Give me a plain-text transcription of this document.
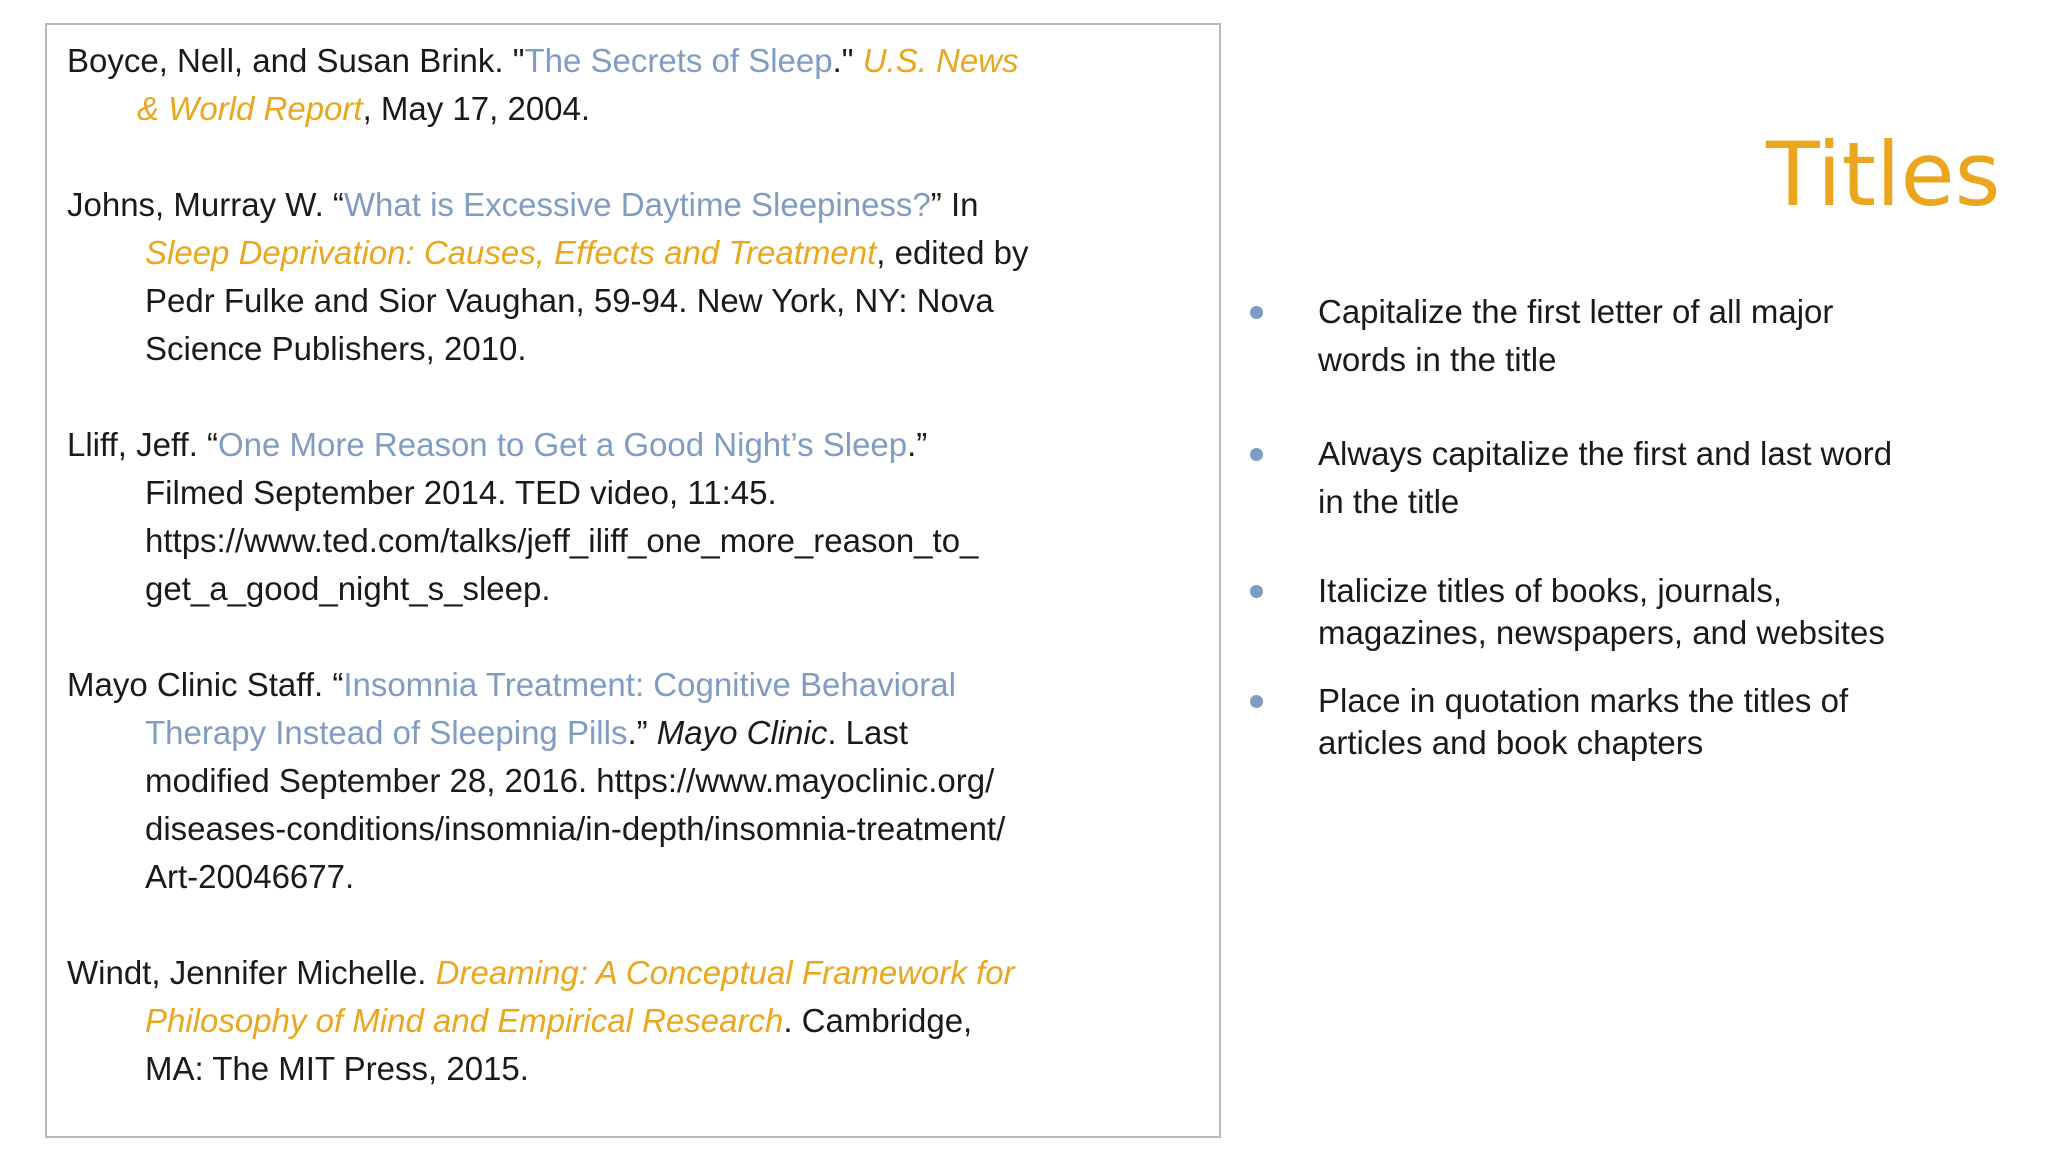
Boyce, Nell, and Susan Brink. "The Secrets of Sleep." U.S. News
& World Report, May 17, 2004.

Johns, Murray W. “What is Excessive Daytime Sleepiness?” In
Sleep Deprivation: Causes, Effects and Treatment, edited by
Pedr Fulke and Sior Vaughan, 59-94. New York, NY: Nova
Science Publishers, 2010.

Lliff, Jeff. “One More Reason to Get a Good Night’s Sleep.”
Filmed September 2014. TED video, 11:45.
https://www.ted.com/talks/jeff_iliff_one_more_reason_to_
get_a_good_night_s_sleep.

Mayo Clinic Staff. “Insomnia Treatment: Cognitive Behavioral
Therapy Instead of Sleeping Pills.” Mayo Clinic. Last
modified September 28, 2016. https://www.mayoclinic.org/
diseases-conditions/insomnia/in-depth/insomnia-treatment/
Art-20046677.

Windt, Jennifer Michelle. Dreaming: A Conceptual Framework for
Philosophy of Mind and Empirical Research. Cambridge,
MA: The MIT Press, 2015.

Titles
Capitalize the first letter of all major
words in the title
Always capitalize the first and last word
in the title
Italicize titles of books, journals,
magazines, newspapers, and websites
Place in quotation marks the titles of
articles and book chapters
